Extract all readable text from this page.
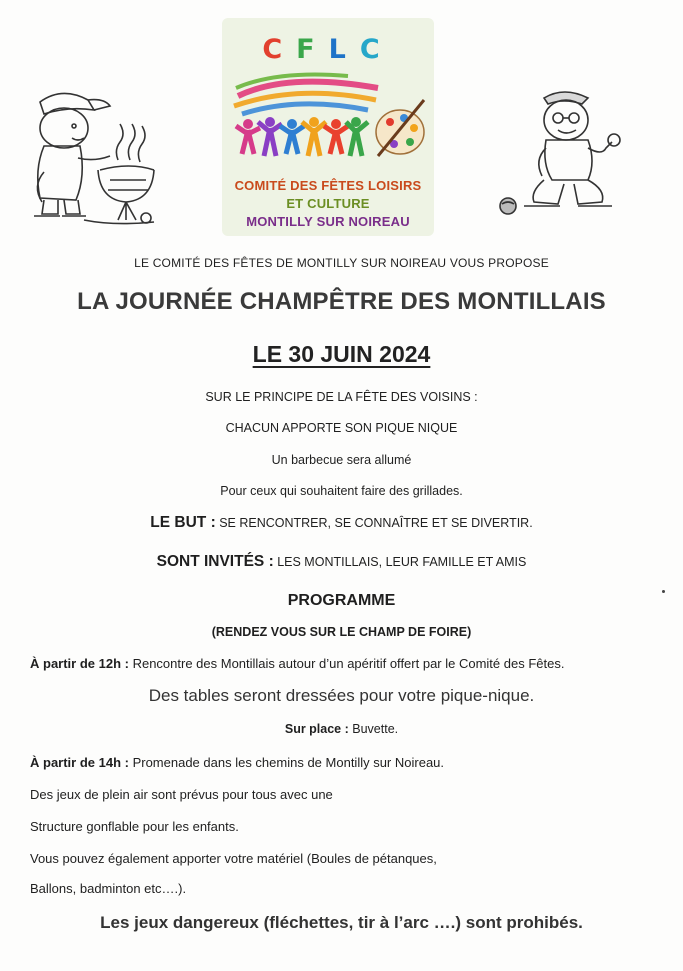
CFLC
COMITÉ DES FÊTES LOISIRS
ET CULTURE
MONTILLY SUR NOIREAU
LE COMITÉ DES FÊTES DE MONTILLY SUR NOIREAU VOUS PROPOSE
LA JOURNÉE CHAMPÊTRE DES MONTILLAIS
LE 30 JUIN 2024
SUR LE PRINCIPE DE LA FÊTE DES VOISINS :
CHACUN APPORTE SON PIQUE NIQUE
Un barbecue sera allumé
Pour ceux qui souhaitent faire des grillades.
LE BUT : SE RENCONTRER, SE CONNAÎTRE ET SE DIVERTIR.
SONT INVITÉS : LES MONTILLAIS, LEUR FAMILLE ET AMIS
PROGRAMME
(RENDEZ VOUS SUR LE CHAMP DE FOIRE)
À partir de 12h : Rencontre des Montillais autour d’un apéritif offert par le Comité des Fêtes.
Des tables seront dressées pour votre pique-nique.
Sur place : Buvette.
À partir de 14h : Promenade dans les chemins de Montilly sur Noireau.
Des jeux de plein air sont prévus pour tous avec une
Structure gonflable pour les enfants.
Vous pouvez également apporter votre matériel (Boules de pétanques,
Ballons, badminton etc….).
Les jeux dangereux (fléchettes, tir à l’arc ….) sont prohibés.
